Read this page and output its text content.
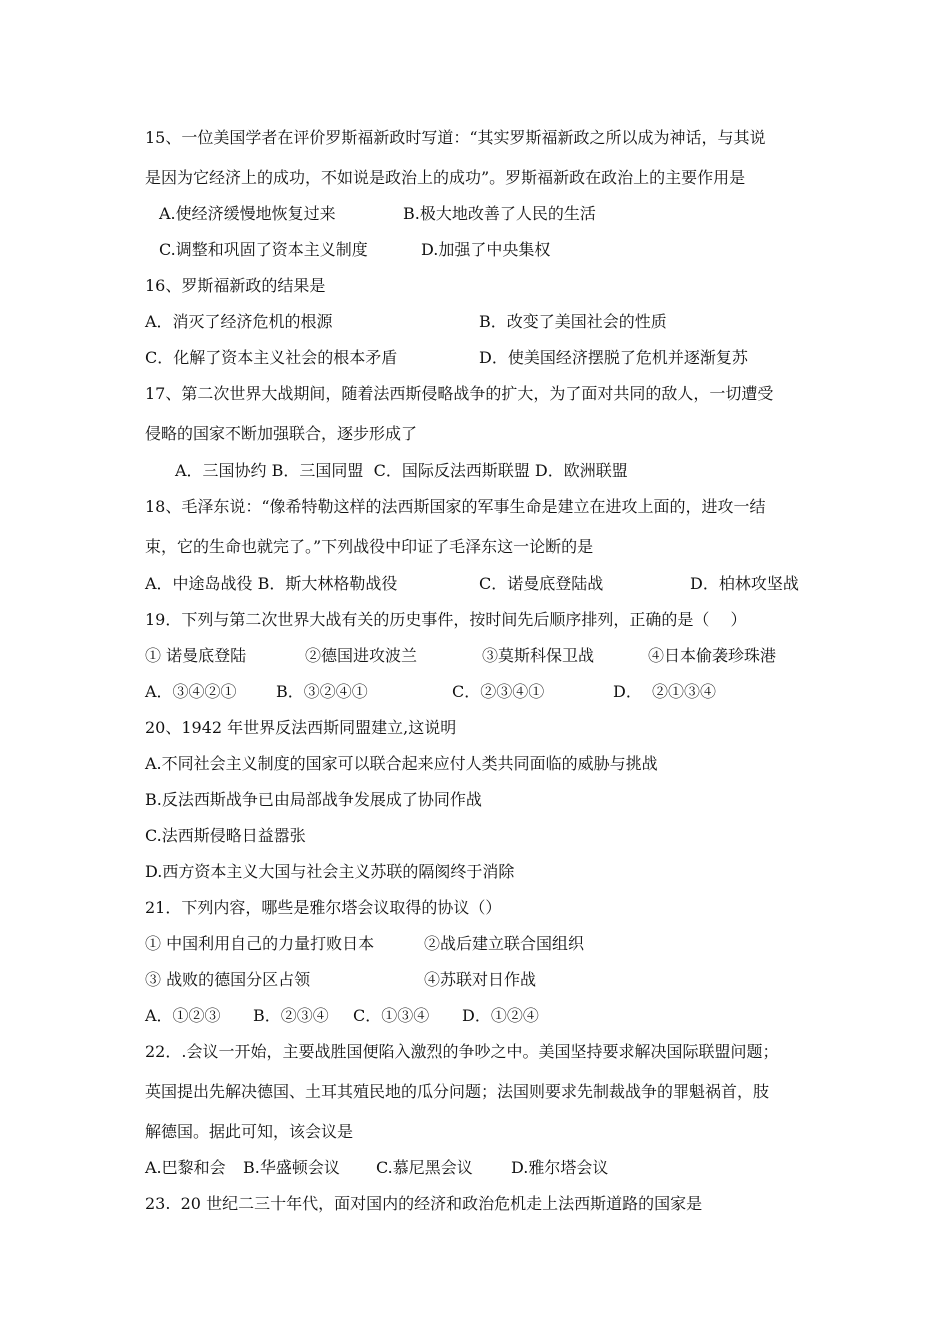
15、一位美国学者在评价罗斯福新政时写道：“其实罗斯福新政之所以成为神话，与其说
是因为它经济上的成功，不如说是政治上的成功”。罗斯福新政在政治上的主要作用是
A.使经济缓慢地恢复过来	B.极大地改善了人民的生活
C.调整和巩固了资本主义制度	D.加强了中央集权
16、罗斯福新政的结果是
A．消灭了经济危机的根源	B．改变了美国社会的性质
C．化解了资本主义社会的根本矛盾	D．使美国经济摆脱了危机并逐渐复苏
17、第二次世界大战期间，随着法西斯侵略战争的扩大，为了面对共同的敌人，一切遭受
侵略的国家不断加强联合，逐步形成了
A．三国协约 B．三国同盟  C．国际反法西斯联盟 D．欧洲联盟
18、毛泽东说：“像希特勒这样的法西斯国家的军事生命是建立在进攻上面的，进攻一结
束，它的生命也就完了。”下列战役中印证了毛泽东这一论断的是
A．中途岛战役 B．斯大林格勒战役	C．诺曼底登陆战	D．柏林攻坚战
19．下列与第二次世界大战有关的历史事件，按时间先后顺序排列，正确的是（　 ）
① 诺曼底登陆	②德国进攻波兰	③莫斯科保卫战	④日本偷袭珍珠港
A．③④②① B．③②④①	C．②③④①	D．  ②①③④
20、1942 年世界反法西斯同盟建立,这说明
A.不同社会主义制度的国家可以联合起来应付人类共同面临的威胁与挑战
B.反法西斯战争已由局部战争发展成了协同作战
C.法西斯侵略日益嚣张
D.西方资本主义大国与社会主义苏联的隔阂终于消除
21．下列内容，哪些是雅尔塔会议取得的协议（）
① 中国利用自己的力量打败日本	②战后建立联合国组织
③ 战败的德国分区占领	④苏联对日作战
A．①②③ B．②③④ C．①③④ D．①②④
22．.会议一开始，主要战胜国便陷入激烈的争吵之中。美国坚持要求解决国际联盟问题；
英国提出先解决德国、土耳其殖民地的瓜分问题；法国则要求先制裁战争的罪魁祸首，肢
解德国。据此可知，该会议是
A.巴黎和会 B.华盛顿会议 C.慕尼黑会议 D.雅尔塔会议
23.  20 世纪二三十年代，面对国内的经济和政治危机走上法西斯道路的国家是
